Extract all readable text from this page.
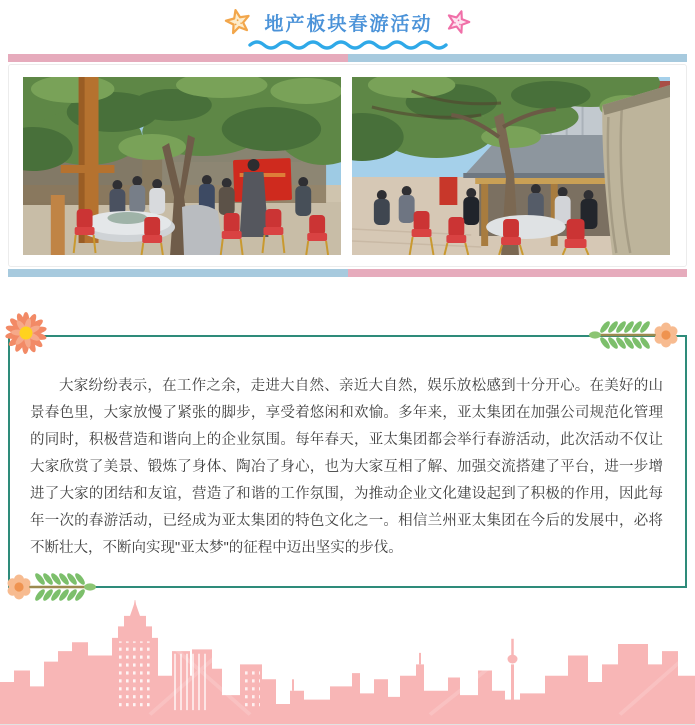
地产板块春游活动

大家纷纷表示，在工作之余，走进大自然、亲近大自然，娱乐放松感到十分开心。在美好的山景春色里，大家放慢了紧张的脚步，享受着悠闲和欢愉。多年来，亚太集团在加强公司规范化管理的同时，积极营造和谐向上的企业氛围。每年春天，亚太集团都会举行春游活动，此次活动不仅让大家欣赏了美景、锻炼了身体、陶冶了身心，也为大家互相了解、加强交流搭建了平台，进一步增进了大家的团结和友谊，营造了和谐的工作氛围，为推动企业文化建设起到了积极的作用，因此每年一次的春游活动，已经成为亚太集团的特色文化之一。相信兰州亚太集团在今后的发展中，必将不断壮大，不断向实现"亚太梦"的征程中迈出坚实的步伐。
